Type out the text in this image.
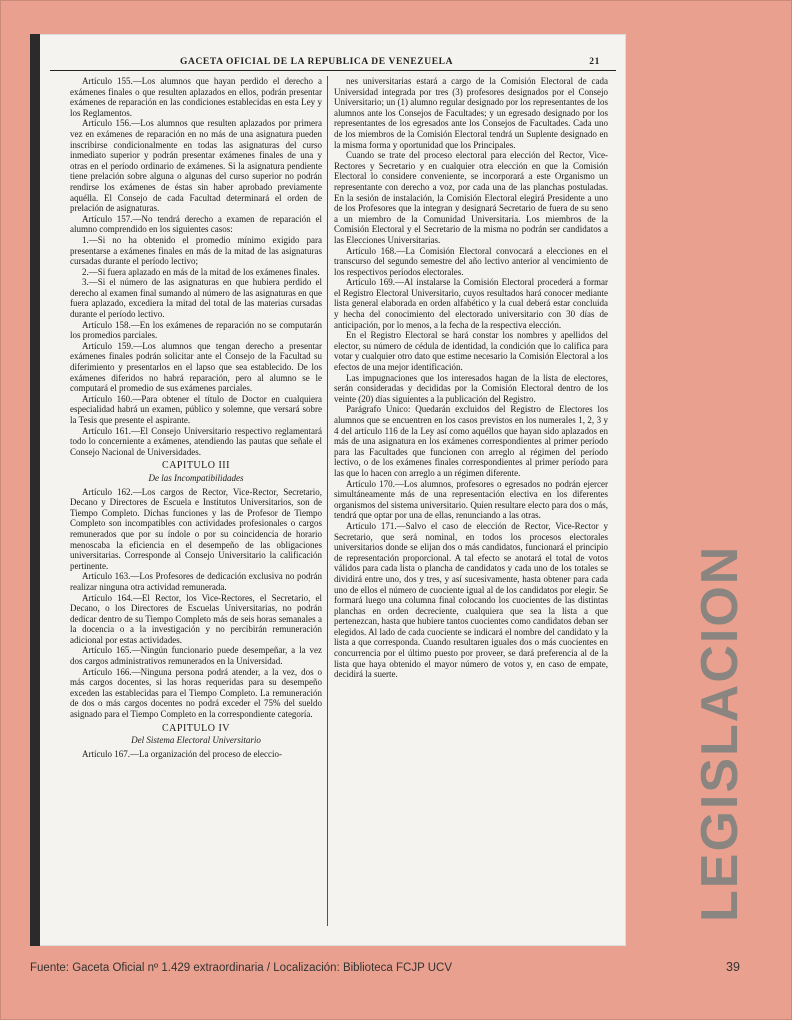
GACETA OFICIAL DE LA REPUBLICA DE VENEZUELA	21

Artículo 155.—Los alumnos que hayan perdido el derecho a exámenes finales o que resulten aplazados en ellos, podrán presentar exámenes de reparación en las condiciones establecidas en esta Ley y los Reglamentos.

Artículo 156.—Los alumnos que resulten aplazados por primera vez en exámenes de reparación en no más de una asignatura pueden inscribirse condicionalmente en todas las asignaturas del curso inmediato superior y podrán presentar exámenes finales de una y otras en el período ordinario de exámenes. Si la asignatura pendiente tiene prelación sobre alguna o algunas del curso superior no podrán rendirse los exámenes de éstas sin haber aprobado previamente aquélla. El Consejo de cada Facultad determinará el orden de prelación de asignaturas.

Artículo 157.—No tendrá derecho a examen de reparación el alumno comprendido en los siguientes casos:

1.—Si no ha obtenido el promedio mínimo exigido para presentarse a exámenes finales en más de la mitad de las asignaturas cursadas durante el período lectivo;

2.—Si fuera aplazado en más de la mitad de los exámenes finales.

3.—Si el número de las asignaturas en que hubiera perdido el derecho al examen final sumando al número de las asignaturas en que fuera aplazado, excediera la mitad del total de las materias cursadas durante el período lectivo.

Artículo 158.—En los exámenes de reparación no se computarán los promedios parciales.

Artículo 159.—Los alumnos que tengan derecho a presentar exámenes finales podrán solicitar ante el Consejo de la Facultad su diferimiento y presentarlos en el lapso que sea establecido. De los exámenes diferidos no habrá reparación, pero al alumno se le computará el promedio de sus exámenes parciales.

Artículo 160.—Para obtener el título de Doctor en cualquiera especialidad habrá un examen, público y solemne, que versará sobre la Tesis que presente el aspirante.

Artículo 161.—El Consejo Universitario respectivo reglamentará todo lo concerniente a exámenes, atendiendo las pautas que señale el Consejo Nacional de Universidades.

CAPITULO III
De las Incompatibilidades

Artículo 162.—Los cargos de Rector, Vice-Rector, Secretario, Decano y Directores de Escuela e Institutos Universitarios, son de Tiempo Completo. Dichas funciones y las de Profesor de Tiempo Completo son incompatibles con actividades profesionales o cargos remunerados que por su índole o por su coincidencia de horario menoscaba la eficiencia en el desempeño de las obligaciones universitarias. Corresponde al Consejo Universitario la calificación pertinente.

Artículo 163.—Los Profesores de dedicación exclusiva no podrán realizar ninguna otra actividad remunerada.

Artículo 164.—El Rector, los Vice-Rectores, el Secretario, el Decano, o los Directores de Escuelas Universitarias, no podrán dedicar dentro de su Tiempo Completo más de seis horas semanales a la docencia o a la investigación y no percibirán remuneración adicional por estas actividades.

Artículo 165.—Ningún funcionario puede desempeñar, a la vez dos cargos administrativos remunerados en la Universidad.

Artículo 166.—Ninguna persona podrá atender, a la vez, dos o más cargos docentes, si las horas requeridas para su desempeño exceden las establecidas para el Tiempo Completo. La remuneración de dos o más cargos docentes no podrá exceder el 75% del sueldo asignado para el Tiempo Completo en la correspondiente categoría.

CAPITULO IV
Del Sistema Electoral Universitario

Artículo 167.—La organización del proceso de eleccio-

nes universitarias estará a cargo de la Comisión Electoral de cada Universidad integrada por tres (3) profesores designados por el Consejo Universitario; un (1) alumno regular designado por los representantes de los alumnos ante los Consejos de Facultades; y un egresado designado por los representantes de los egresados ante los Consejos de Facultades. Cada uno de los miembros de la Comisión Electoral tendrá un Suplente designado en la misma forma y oportunidad que los Principales.

Cuando se trate del proceso electoral para elección del Rector, Vice-Rectores y Secretario y en cualquier otra elección en que la Comisión Electoral lo considere conveniente, se incorporará a este Organismo un representante con derecho a voz, por cada una de las planchas postuladas. En la sesión de instalación, la Comisión Electoral elegirá Presidente a uno de los Profesores que la integran y designará Secretario de fuera de su seno a un miembro de la Comunidad Universitaria. Los miembros de la Comisión Electoral y el Secretario de la misma no podrán ser candidatos a las Elecciones Universitarias.

Artículo 168.—La Comisión Electoral convocará a elecciones en el transcurso del segundo semestre del año lectivo anterior al vencimiento de los respectivos períodos electorales.

Artículo 169.—Al instalarse la Comisión Electoral procederá a formar el Registro Electoral Universitario, cuyos resultados hará conocer mediante lista general elaborada en orden alfabético y la cual deberá estar concluida y hecha del conocimiento del electorado universitario con 30 días de anticipación, por lo menos, a la fecha de la respectiva elección.

En el Registro Electoral se hará constar los nombres y apellidos del elector, su número de cédula de identidad, la condición que lo califica para votar y cualquier otro dato que estime necesario la Comisión Electoral a los efectos de una mejor identificación.

Las impugnaciones que los interesados hagan de la lista de electores, serán consideradas y decididas por la Comisión Electoral dentro de los veinte (20) días siguientes a la publicación del Registro.

Parágrafo Unico: Quedarán excluidos del Registro de Electores los alumnos que se encuentren en los casos previstos en los numerales 1, 2, 3 y 4 del artículo 116 de la Ley así como aquéllos que hayan sido aplazados en más de una asignatura en los exámenes correspondientes al primer período para las Facultades que funcionen con arreglo al régimen del período lectivo, o de los exámenes finales correspondientes al primer período para las que lo hacen con arreglo a un régimen diferente.

Artículo 170.—Los alumnos, profesores o egresados no podrán ejercer simultáneamente más de una representación electiva en los diferentes organismos del sistema universitario. Quien resultare electo para dos o más, tendrá que optar por una de ellas, renunciando a las otras.

Artículo 171.—Salvo el caso de elección de Rector, Vice-Rector y Secretario, que será nominal, en todos los procesos electorales universitarios donde se elijan dos o más candidatos, funcionará el principio de representación proporcional. A tal efecto se anotará el total de votos válidos para cada lista o plancha de candidatos y cada uno de los totales se dividirá entre uno, dos y tres, y así sucesivamente, hasta obtener para cada uno de ellos el número de cuociente igual al de los candidatos por elegir. Se formará luego una columna final colocando los cuocientes de las distintas planchas en orden decreciente, cualquiera que sea la lista a que pertenezcan, hasta que hubiere tantos cuocientes como candidatos deban ser elegidos. Al lado de cada cuociente se indicará el nombre del candidato y la lista a que corresponda. Cuando resultaren iguales dos o más cuocientes en concurrencia por el último puesto por proveer, se dará preferencia al de la lista que haya obtenido el mayor número de votos y, en caso de empate, decidirá la suerte.	LEGISLACION
Fuente: Gaceta Oficial nº 1.429 extraordinaria / Localización: Biblioteca FCJP UCV	39
